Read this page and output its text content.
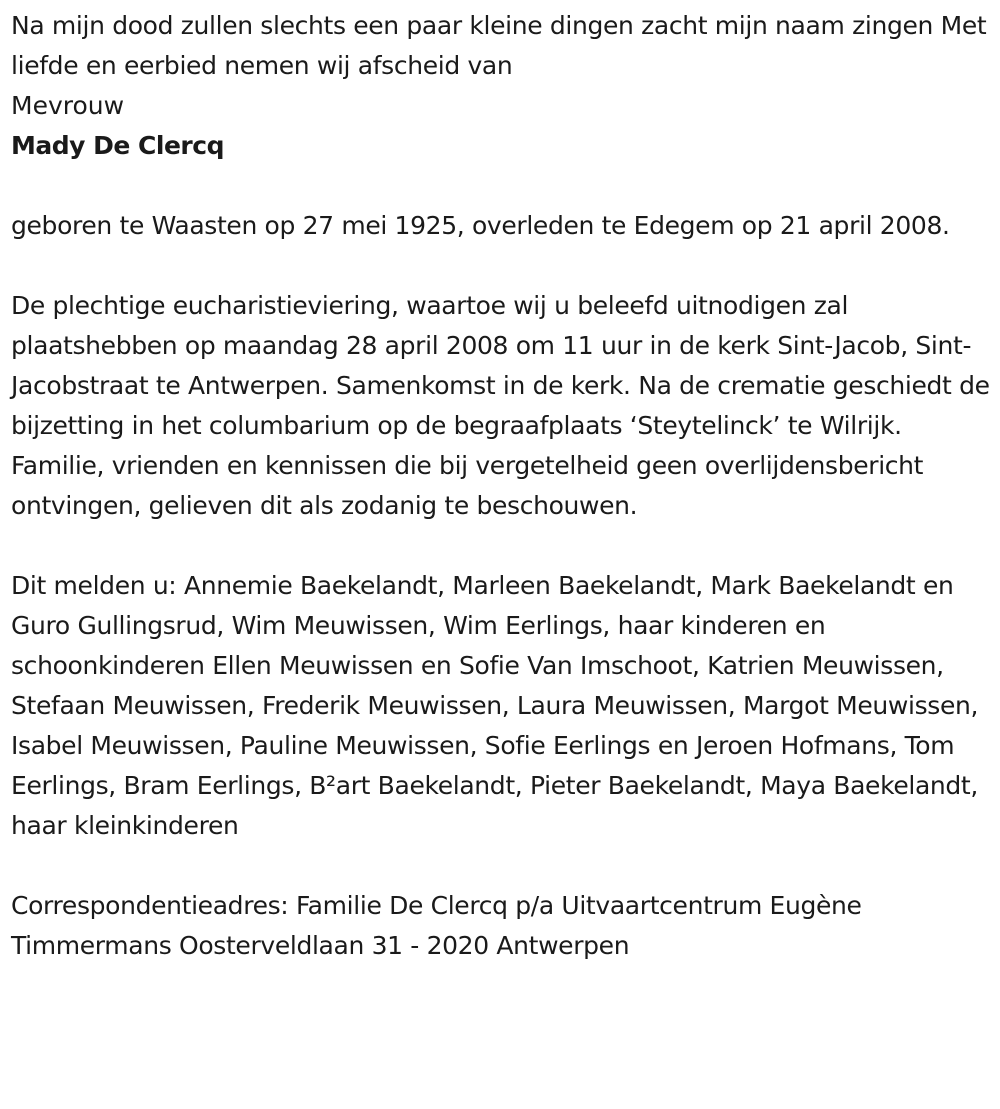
Na mijn dood zullen slechts een paar kleine dingen zacht mijn naam zingen Met liefde en eerbied nemen wij afscheid van

Mevrouw

Mady De Clercq

geboren te Waasten op 27 mei 1925, overleden te Edegem op 21 april 2008.

De plechtige eucharistieviering, waartoe wij u beleefd uitnodigen zal plaatshebben op maandag 28 april 2008 om 11 uur in de kerk Sint-Jacob, Sint-Jacobstraat te Antwerpen. Samenkomst in de kerk. Na de crematie geschiedt de bijzetting in het columbarium op de begraafplaats ‘Steytelinck’ te Wilrijk. Familie, vrienden en kennissen die bij vergetelheid geen overlijdensbericht ontvingen, gelieven dit als zodanig te beschouwen.

Dit melden u: Annemie Baekelandt, Marleen Baekelandt, Mark Baekelandt en Guro Gullingsrud, Wim Meuwissen, Wim Eerlings, haar kinderen en schoonkinderen Ellen Meuwissen en Sofie Van Imschoot, Katrien Meuwissen, Stefaan Meuwissen, Frederik Meuwissen, Laura Meuwissen, Margot Meuwissen, Isabel Meuwissen, Pauline Meuwissen, Sofie Eerlings en Jeroen Hofmans, Tom Eerlings, Bram Eerlings, B²art Baekelandt, Pieter Baekelandt, Maya Baekelandt, haar kleinkinderen

Correspondentieadres: Familie De Clercq p/a Uitvaartcentrum Eugène Timmermans Oosterveldlaan 31 - 2020 Antwerpen
